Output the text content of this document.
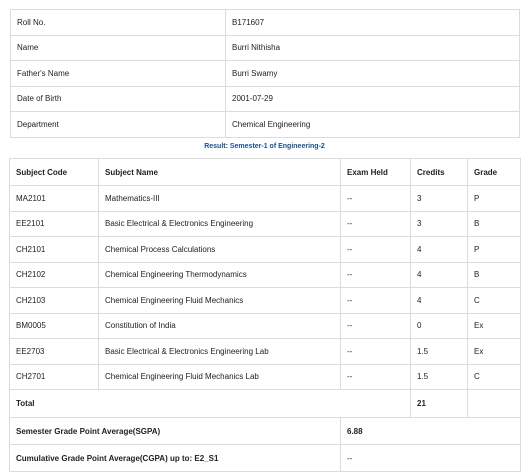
Roll No.	B171607
Name	Burri Nithisha
Father's Name	Burri Swamy
Date of Birth	2001-07-29
Department	Chemical Engineering
Result: Semester-1 of Engineering-2
Subject Code	Subject Name	Exam Held	Credits	Grade
MA2101	Mathematics-III	--	3	P
EE2101	Basic Electrical & Electronics Engineering	--	3	B
CH2101	Chemical Process Calculations	--	4	P
CH2102	Chemical Engineering Thermodynamics	--	4	B
CH2103	Chemical Engineering Fluid Mechanics	--	4	C
BM0005	Constitution of India	--	0	Ex
EE2703	Basic Electrical & Electronics Engineering Lab	--	1.5	Ex
CH2701	Chemical Engineering Fluid Mechanics Lab	--	1.5	C
Total			21	
Semester Grade Point Average(SGPA)		6.88		
Cumulative Grade Point Average(CGPA) up to: E2_S1		--		
